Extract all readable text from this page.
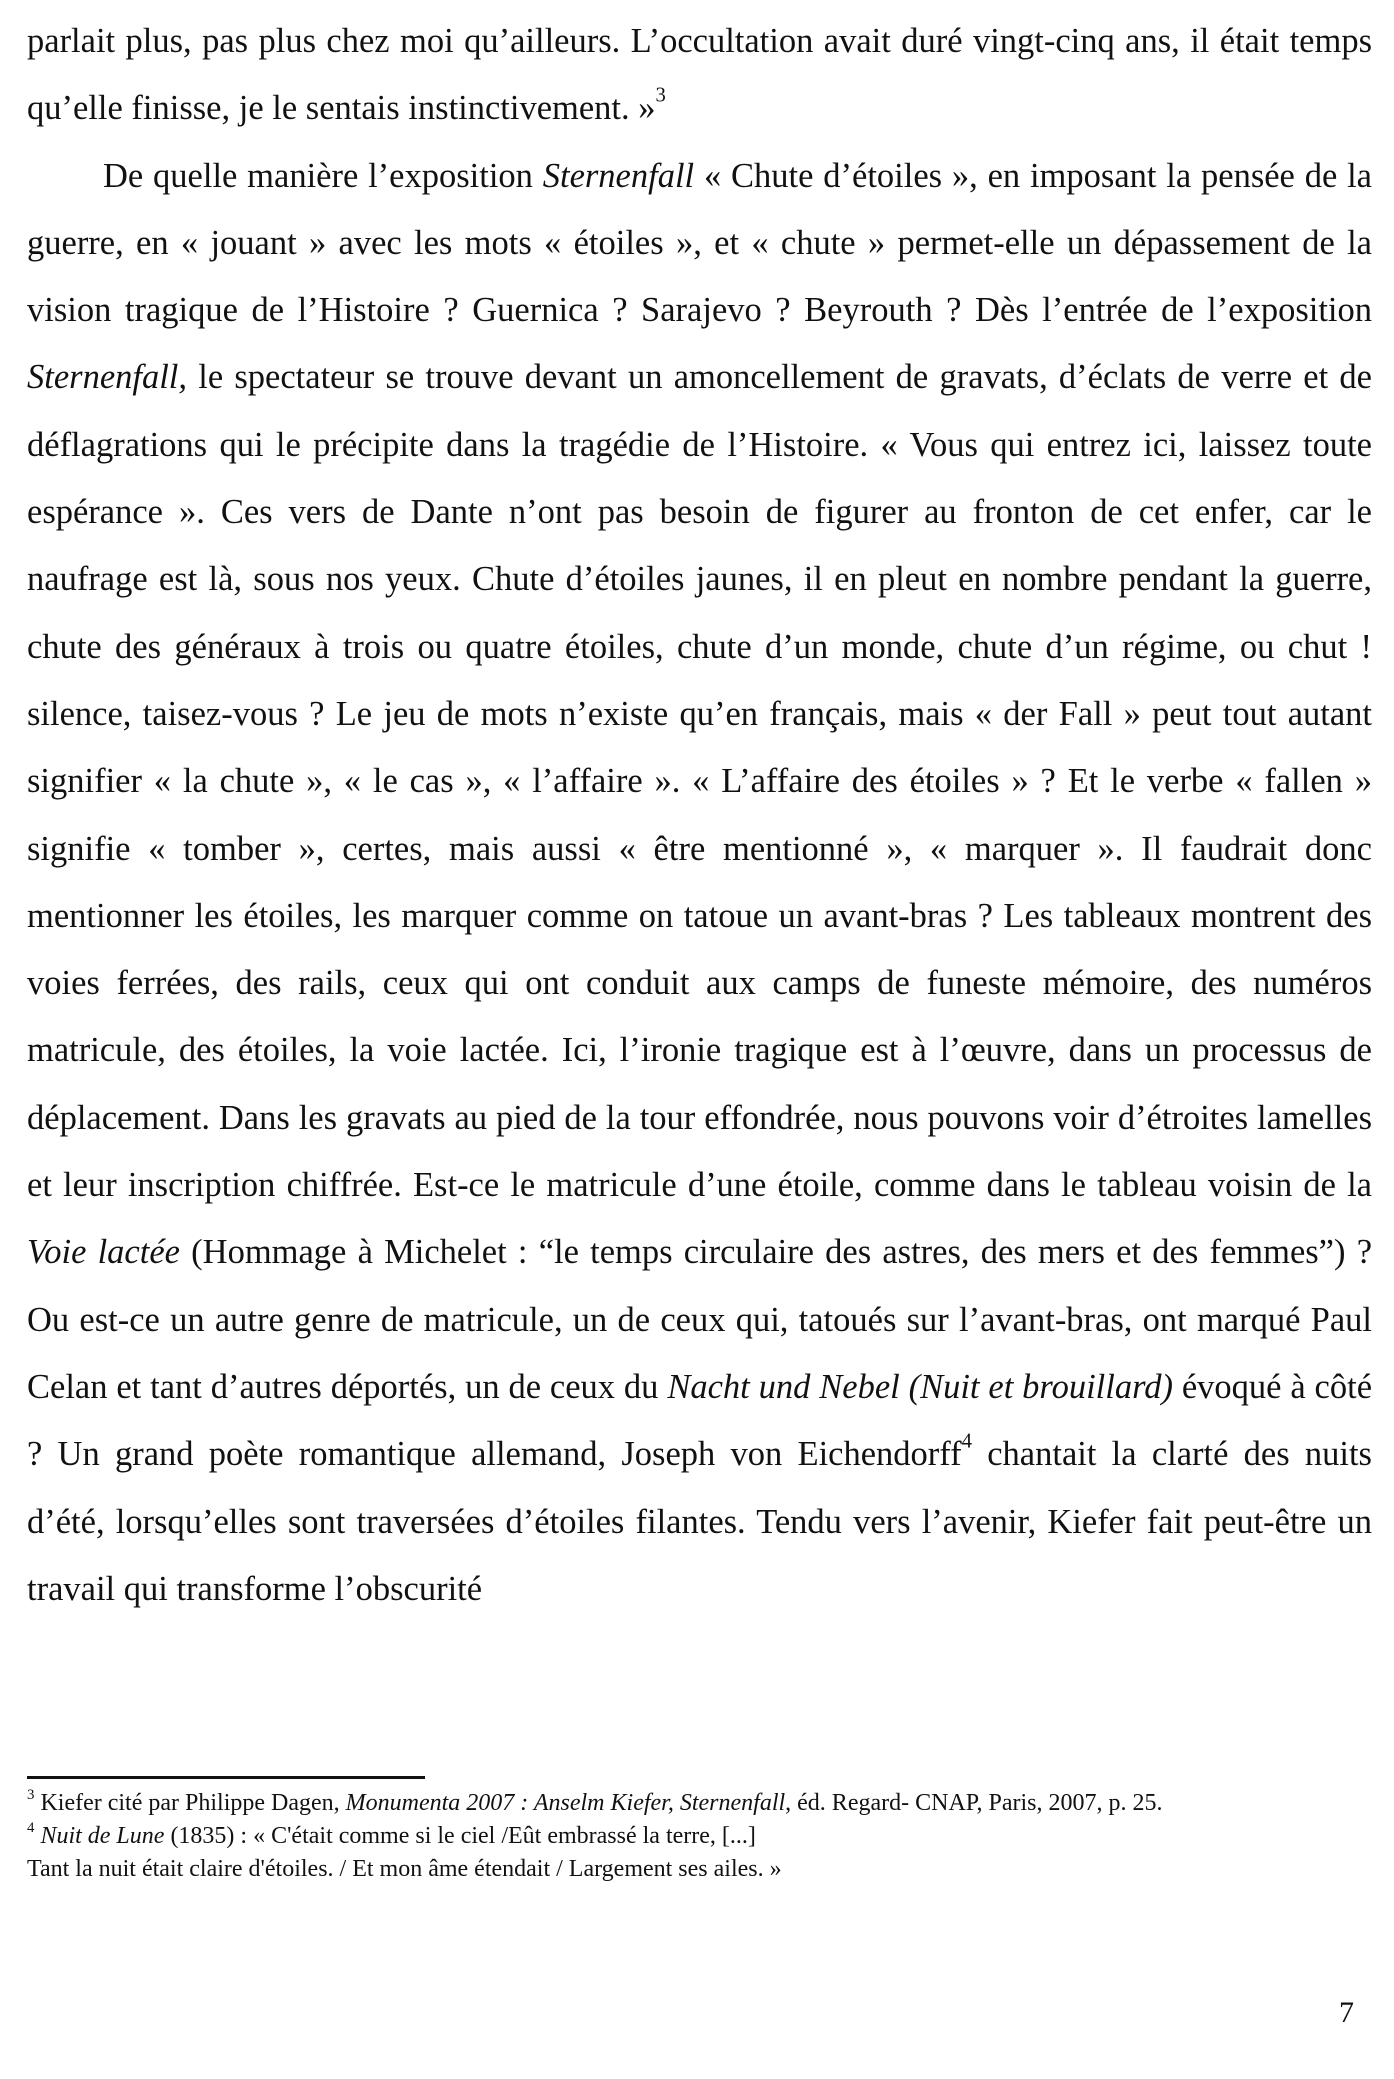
parlait plus, pas plus chez moi qu’ailleurs. L’occultation avait duré vingt-cinq ans, il était temps qu’elle finisse, je le sentais instinctivement. »$^3$

De quelle manière l’exposition Sternenfall « Chute d’étoiles », en imposant la pensée de la guerre, en « jouant » avec les mots « étoiles », et « chute » permet-elle un dépassement de la vision tragique de l’Histoire ? Guernica ? Sarajevo ? Beyrouth ? Dès l’entrée de l’exposition Sternenfall, le spectateur se trouve devant un amoncellement de gravats, d’éclats de verre et de déflagrations qui le précipite dans la tragédie de l’Histoire. « Vous qui entrez ici, laissez toute espérance ». Ces vers de Dante n’ont pas besoin de figurer au fronton de cet enfer, car le naufrage est là, sous nos yeux. Chute d’étoiles jaunes, il en pleut en nombre pendant la guerre, chute des généraux à trois ou quatre étoiles, chute d’un monde, chute d’un régime, ou chut ! silence, taisez-vous ? Le jeu de mots n’existe qu’en français, mais « der Fall » peut tout autant signifier « la chute », « le cas », « l’affaire ». « L’affaire des étoiles » ? Et le verbe « fallen » signifie « tomber », certes, mais aussi « être mentionné », « marquer ». Il faudrait donc mentionner les étoiles, les marquer comme on tatoue un avant-bras ? Les tableaux montrent des voies ferrées, des rails, ceux qui ont conduit aux camps de funeste mémoire, des numéros matricule, des étoiles, la voie lactée. Ici, l’ironie tragique est à l’œuvre, dans un processus de déplacement. Dans les gravats au pied de la tour effondrée, nous pouvons voir d’étroites lamelles et leur inscription chiffrée. Est-ce le matricule d’une étoile, comme dans le tableau voisin de la Voie lactée (Hommage à Michelet : “le temps circulaire des astres, des mers et des femmes”) ? Ou est-ce un autre genre de matricule, un de ceux qui, tatoués sur l’avant-bras, ont marqué Paul Celan et tant d’autres déportés, un de ceux du Nacht und Nebel (Nuit et brouillard) évoqué à côté ? Un grand poète romantique allemand, Joseph von Eichendorff$^4$ chantait la clarté des nuits d’été, lorsqu’elles sont traversées d’étoiles filantes. Tendu vers l’avenir, Kiefer fait peut-être un travail qui transforme l’obscurité

$^3$ Kiefer cité par Philippe Dagen, Monumenta 2007 : Anselm Kiefer, Sternenfall, éd. Regard- CNAP, Paris, 2007, p. 25.

$^4$ Nuit de Lune (1835) : « C'était comme si le ciel /Eût embrassé la terre, [...]

Tant la nuit était claire d'étoiles. / Et mon âme étendait / Largement ses ailes. »

7
